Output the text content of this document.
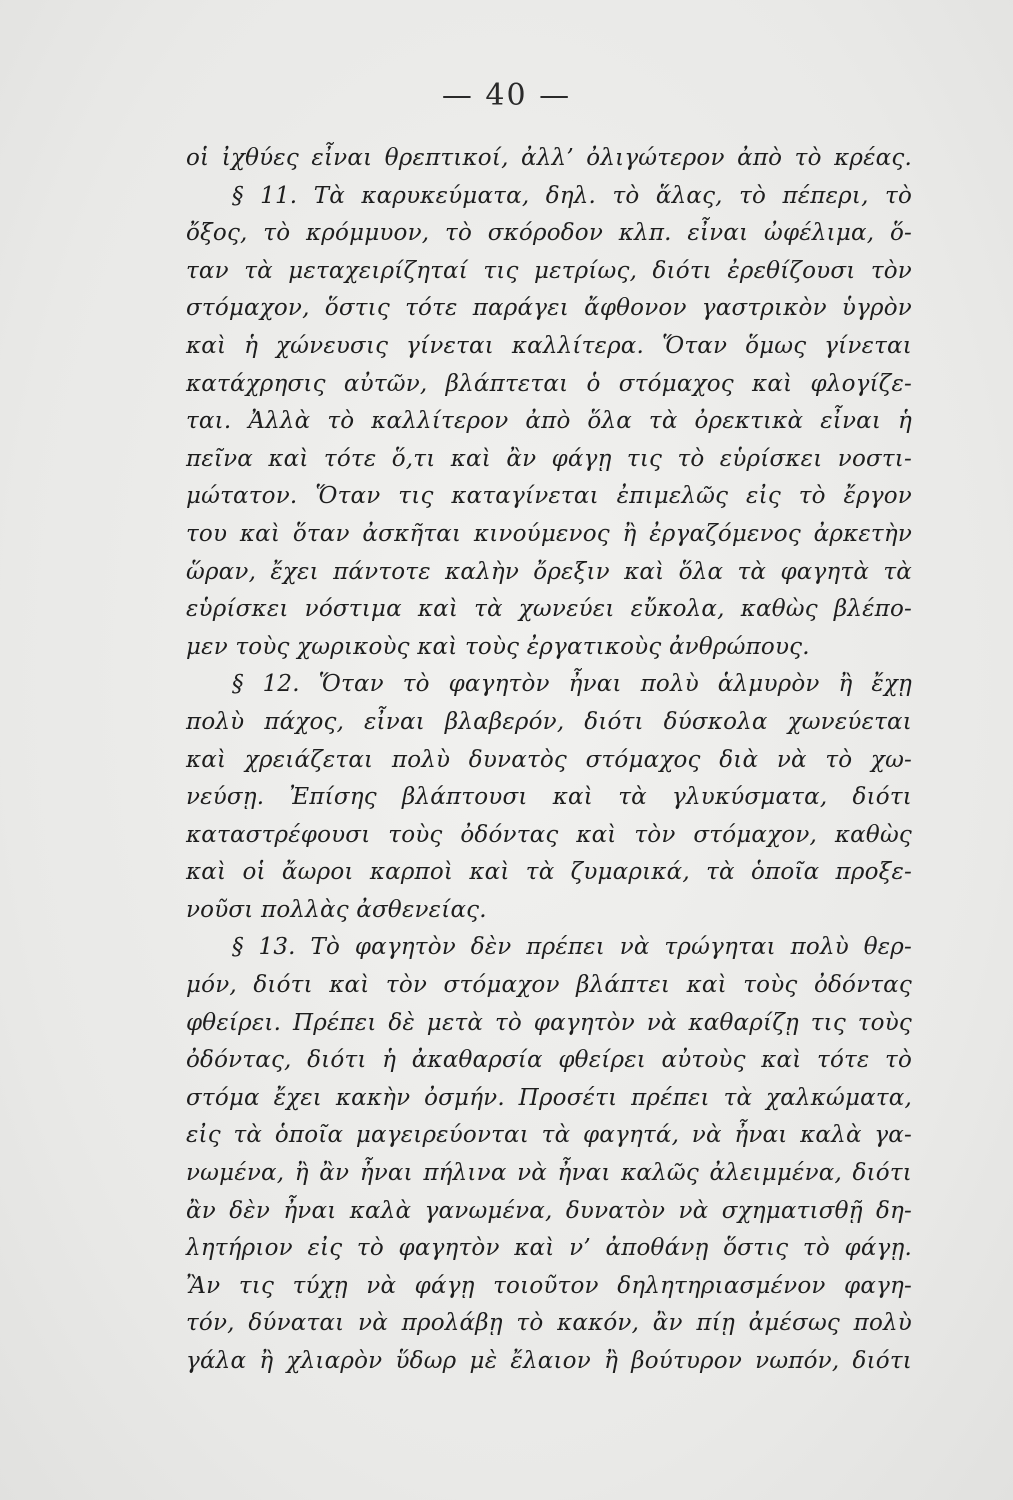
— 40 —
οἱ ἰχθύες εἶναι θρεπτικοί, ἀλλ’ ὀλιγώτερον ἀπὸ τὸ κρέας.
§ 11. Τὰ καρυκεύματα, δηλ. τὸ ἅλας, τὸ πέπερι, τὸ
ὄξος, τὸ κρόμμυον, τὸ σκόροδον κλπ. εἶναι ὠφέλιμα, ὅ-
ταν τὰ μεταχειρίζηταί τις μετρίως, διότι ἐρεθίζουσι τὸν
στόμαχον, ὅστις τότε παράγει ἄφθονον γαστρικὸν ὑγρὸν
καὶ ἡ χώνευσις γίνεται καλλίτερα. Ὅταν ὅμως γίνεται
κατάχρησις αὐτῶν, βλάπτεται ὁ στόμαχος καὶ φλογίζε-
ται. Ἀλλὰ τὸ καλλίτερον ἀπὸ ὅλα τὰ ὀρεκτικὰ εἶναι ἡ
πεῖνα καὶ τότε ὅ,τι καὶ ἂν φάγῃ τις τὸ εὑρίσκει νοστι-
μώτατον. Ὅταν τις καταγίνεται ἐπιμελῶς εἰς τὸ ἔργον
του καὶ ὅταν ἀσκῆται κινούμενος ἢ ἐργαζόμενος ἀρκετὴν
ὥραν, ἔχει πάντοτε καλὴν ὄρεξιν καὶ ὅλα τὰ φαγητὰ τὰ
εὑρίσκει νόστιμα καὶ τὰ χωνεύει εὔκολα, καθὼς βλέπο-
μεν τοὺς χωρικοὺς καὶ τοὺς ἐργατικοὺς ἀνθρώπους.
§ 12. Ὅταν τὸ φαγητὸν ἦναι πολὺ ἁλμυρὸν ἢ ἔχῃ
πολὺ πάχος, εἶναι βλαβερόν, διότι δύσκολα χωνεύεται
καὶ χρειάζεται πολὺ δυνατὸς στόμαχος διὰ νὰ τὸ χω-
νεύσῃ. Ἐπίσης βλάπτουσι καὶ τὰ γλυκύσματα, διότι
καταστρέφουσι τοὺς ὀδόντας καὶ τὸν στόμαχον, καθὼς
καὶ οἱ ἄωροι καρποὶ καὶ τὰ ζυμαρικά, τὰ ὁποῖα προξε-
νοῦσι πολλὰς ἀσθενείας.
§ 13. Τὸ φαγητὸν δὲν πρέπει νὰ τρώγηται πολὺ θερ-
μόν, διότι καὶ τὸν στόμαχον βλάπτει καὶ τοὺς ὀδόντας
φθείρει. Πρέπει δὲ μετὰ τὸ φαγητὸν νὰ καθαρίζῃ τις τοὺς
ὀδόντας, διότι ἡ ἀκαθαρσία φθείρει αὐτοὺς καὶ τότε τὸ
στόμα ἔχει κακὴν ὀσμήν. Προσέτι πρέπει τὰ χαλκώματα,
εἰς τὰ ὁποῖα μαγειρεύονται τὰ φαγητά, νὰ ἦναι καλὰ γα-
νωμένα, ἢ ἂν ἦναι πήλινα νὰ ἦναι καλῶς ἀλειμμένα, διότι
ἂν δὲν ἦναι καλὰ γανωμένα, δυνατὸν νὰ σχηματισθῇ δη-
λητήριον εἰς τὸ φαγητὸν καὶ ν’ ἀποθάνῃ ὅστις τὸ φάγῃ.
Ἂν τις τύχῃ νὰ φάγῃ τοιοῦτον δηλητηριασμένον φαγη-
τόν, δύναται νὰ προλάβῃ τὸ κακόν, ἂν πίῃ ἀμέσως πολὺ
γάλα ἢ χλιαρὸν ὕδωρ μὲ ἔλαιον ἢ βούτυρον νωπόν, διότι
